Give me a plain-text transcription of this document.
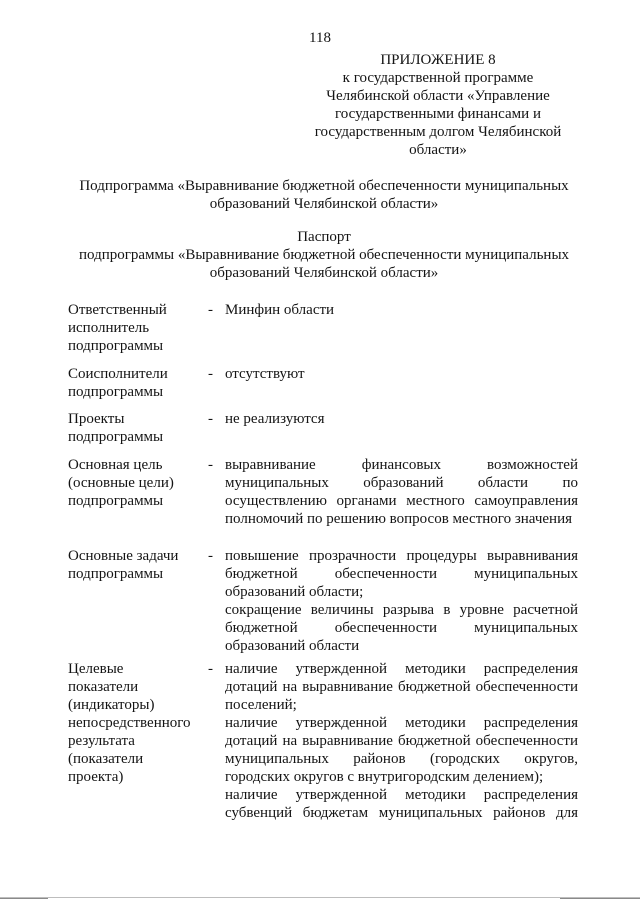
118
ПРИЛОЖЕНИЕ 8
к государственной программе
Челябинской области «Управление
государственными финансами и
государственным долгом Челябинской
области»
Подпрограмма «Выравнивание бюджетной обеспеченности муниципальных
образований Челябинской области»
Паспорт
подпрограммы «Выравнивание бюджетной обеспеченности муниципальных
образований Челябинской области»
Ответственный
исполнитель
подпрограммы
- Минфин области
Соисполнители
подпрограммы
- отсутствуют
Проекты
подпрограммы
- не реализуются
Основная цель
(основные цели)
подпрограммы
- выравнивание финансовых возможностей
муниципальных образований области по
осуществлению органами местного самоуправления
полномочий по решению вопросов местного значения
Основные задачи
подпрограммы
- повышение прозрачности процедуры выравнивания
бюджетной обеспеченности муниципальных
образований области;
сокращение величины разрыва в уровне расчетной
бюджетной обеспеченности муниципальных
образований области
Целевые
показатели
(индикаторы)
непосредственного
результата
(показатели
проекта)
- наличие утвержденной методики распределения
дотаций на выравнивание бюджетной обеспеченности
поселений;
наличие утвержденной методики распределения
дотаций на выравнивание бюджетной обеспеченности
муниципальных районов (городских округов,
городских округов с внутригородским делением);
наличие утвержденной методики распределения
субвенций бюджетам муниципальных районов для
